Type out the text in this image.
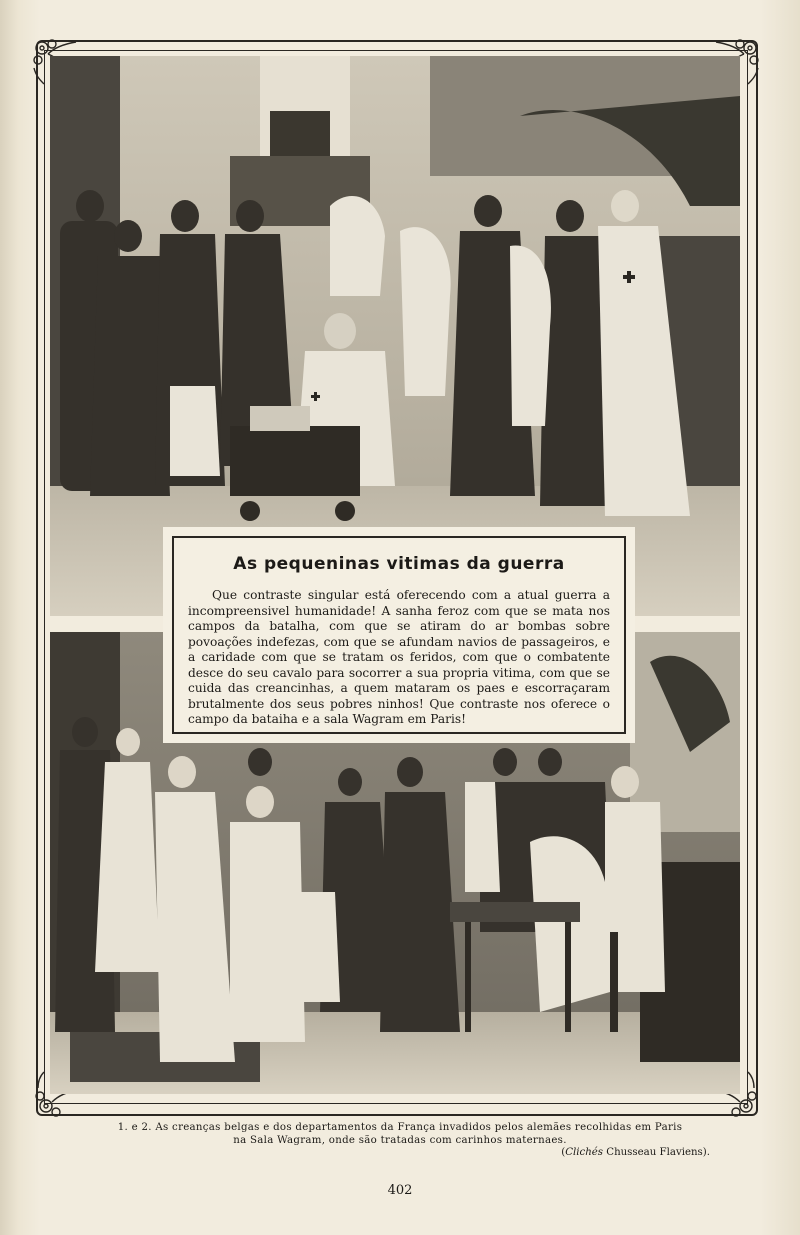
As pequeninas vitimas da guerra

Que contraste singular está oferecendo com a atual guerra a incompreensivel humanidade! A sanha feroz com que se mata nos campos da batalha, com que se atiram do ar bombas sobre povoações indefezas, com que se afundam navios de passageiros, e a caridade com que se tratam os feridos, com que o combatente desce do seu cavalo para socorrer a sua propria vitima, com que se cuida das creancinhas, a quem mataram os paes e escorraçaram brutalmente dos seus pobres ninhos! Que contraste nos oferece o campo da bataiha e a sala Wagram em Paris!

1. e 2. As creanças belgas e dos departamentos da França invadidos pelos alemães recolhidas em Paris
na Sala Wagram, onde são tratadas com carinhos maternaes.
(Clichés Chusseau Flaviens).
402
